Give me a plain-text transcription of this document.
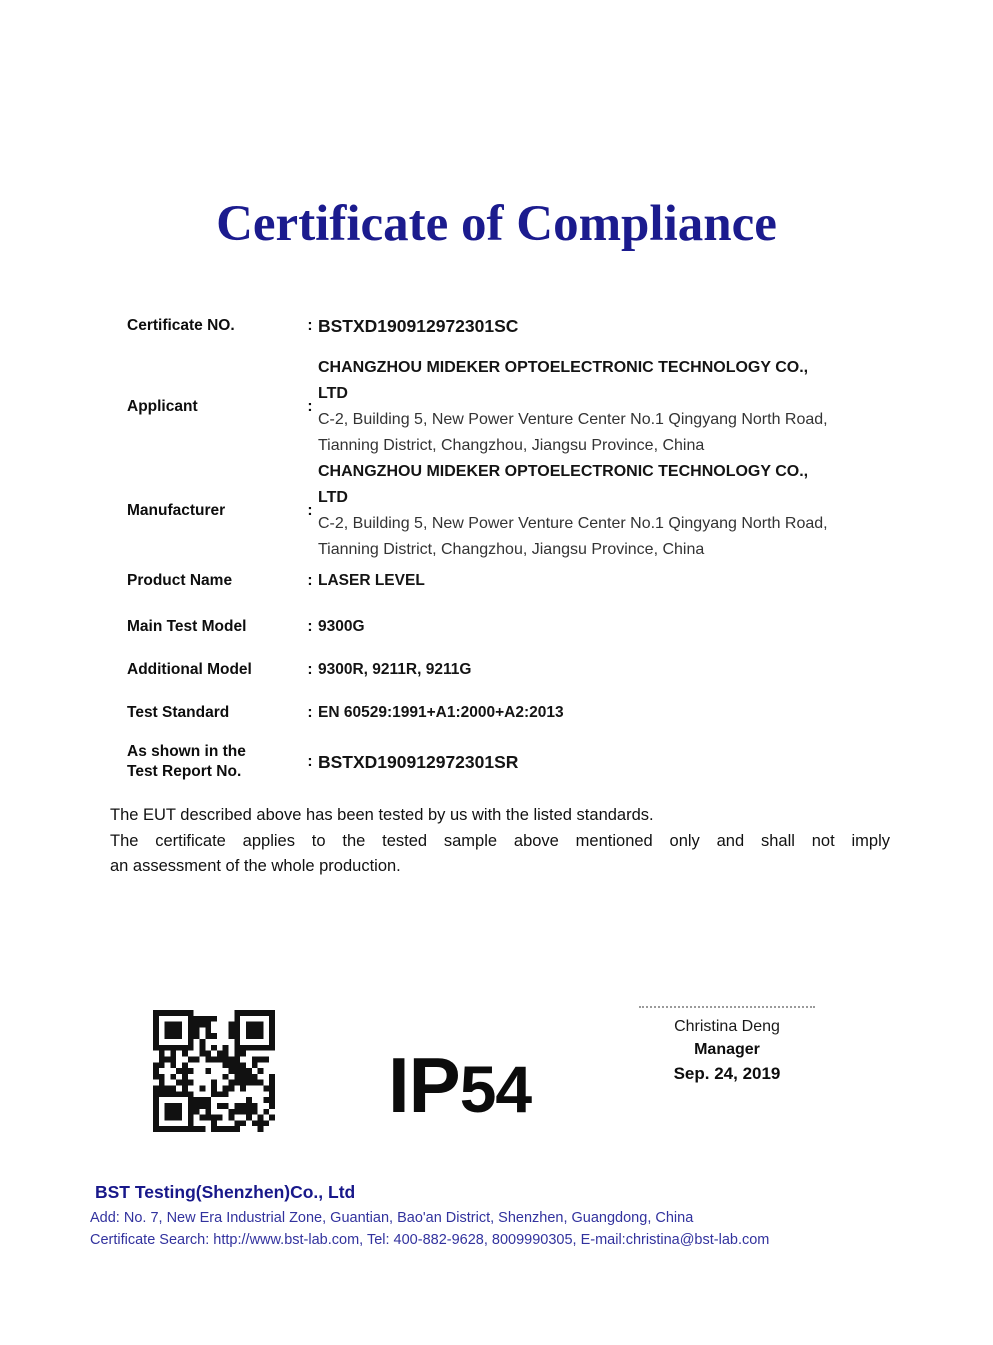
Certificate of Compliance
Certificate NO.	: BSTXD190912972301SC
Applicant	:
CHANGZHOU MIDEKER OPTOELECTRONIC TECHNOLOGY CO., LTD
C-2, Building 5, New Power Venture Center No.1 Qingyang North Road, Tianning District, Changzhou, Jiangsu Province, China
Manufacturer	:
CHANGZHOU MIDEKER OPTOELECTRONIC TECHNOLOGY CO., LTD
C-2, Building 5, New Power Venture Center No.1 Qingyang North Road, Tianning District, Changzhou, Jiangsu Province, China
Product Name	: LASER LEVEL
Main Test Model	: 9300G
Additional Model	: 9300R, 9211R, 9211G
Test Standard	: EN 60529:1991+A1:2000+A2:2013
As shown in the
Test Report No.
: BSTXD190912972301SR
The EUT described above has been tested by us with the listed standards.
The certificate applies to the tested sample above mentioned only and shall not imply
an assessment of the whole production.
IP54
Christina Deng
Manager
Sep. 24, 2019
BST Testing(Shenzhen)Co., Ltd
Add: No. 7, New Era Industrial Zone, Guantian, Bao'an District, Shenzhen, Guangdong, China
Certificate Search: http://www.bst-lab.com, Tel: 400-882-9628, 8009990305, E-mail:christina@bst-lab.com
